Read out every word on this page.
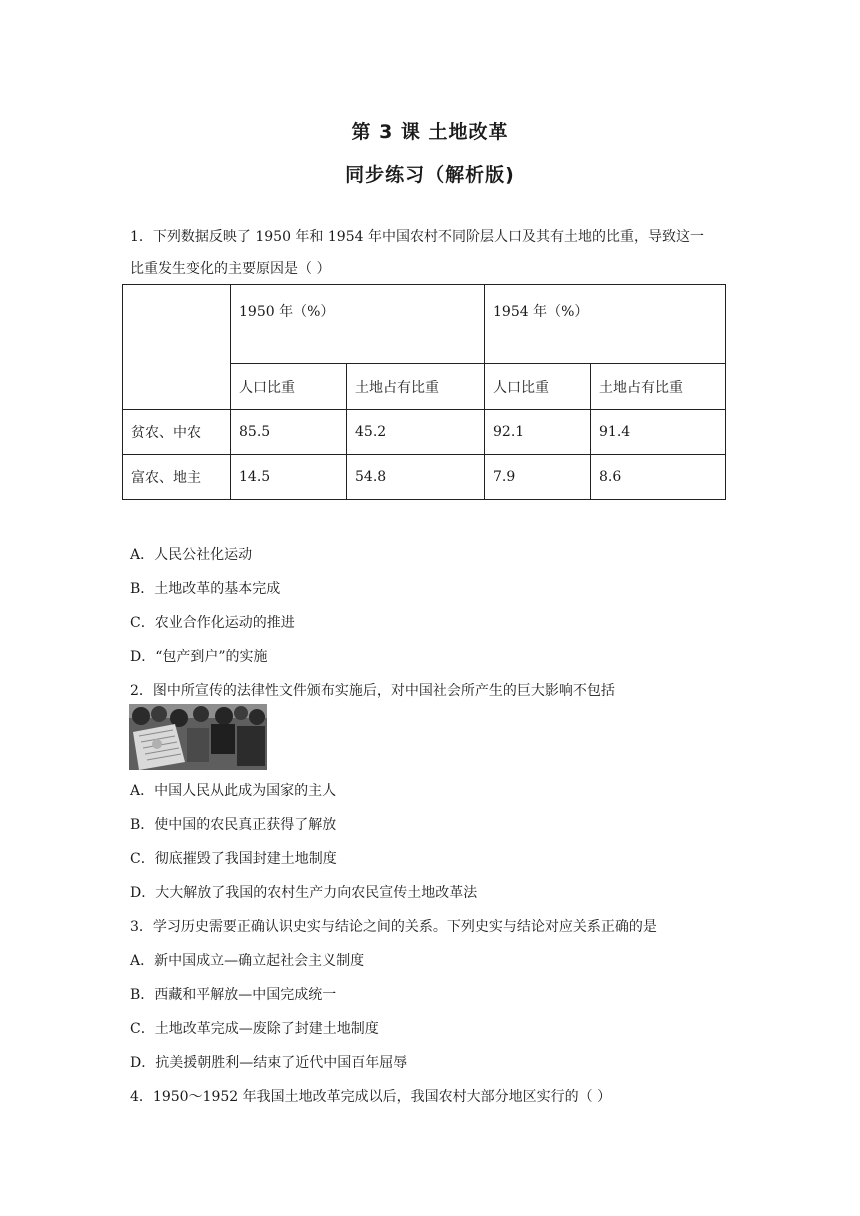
第 3 课 土地改革
同步练习（解析版)
1．下列数据反映了 1950 年和 1954 年中国农村不同阶层人口及其有土地的比重，导致这一
比重发生变化的主要原因是（ ）
	1950 年（%）		1954 年（%）	
	人口比重	土地占有比重	人口比重	土地占有比重
贫农、中农	85.5	45.2	92.1	91.4
富农、地主	14.5	54.8	7.9	8.6
A．人民公社化运动
B．土地改革的基本完成
C．农业合作化运动的推进
D．“包产到户”的实施
2．图中所宣传的法律性文件颁布实施后，对中国社会所产生的巨大影响不包括
A．中国人民从此成为国家的主人
B．使中国的农民真正获得了解放
C．彻底摧毁了我国封建土地制度
D．大大解放了我国的农村生产力向农民宣传土地改革法
3．学习历史需要正确认识史实与结论之间的关系。下列史实与结论对应关系正确的是
A．新中国成立—确立起社会主义制度
B．西藏和平解放—中国完成统一
C．土地改革完成—废除了封建土地制度
D．抗美援朝胜利—结束了近代中国百年屈辱
4．1950～1952 年我国土地改革完成以后，我国农村大部分地区实行的（ ）
